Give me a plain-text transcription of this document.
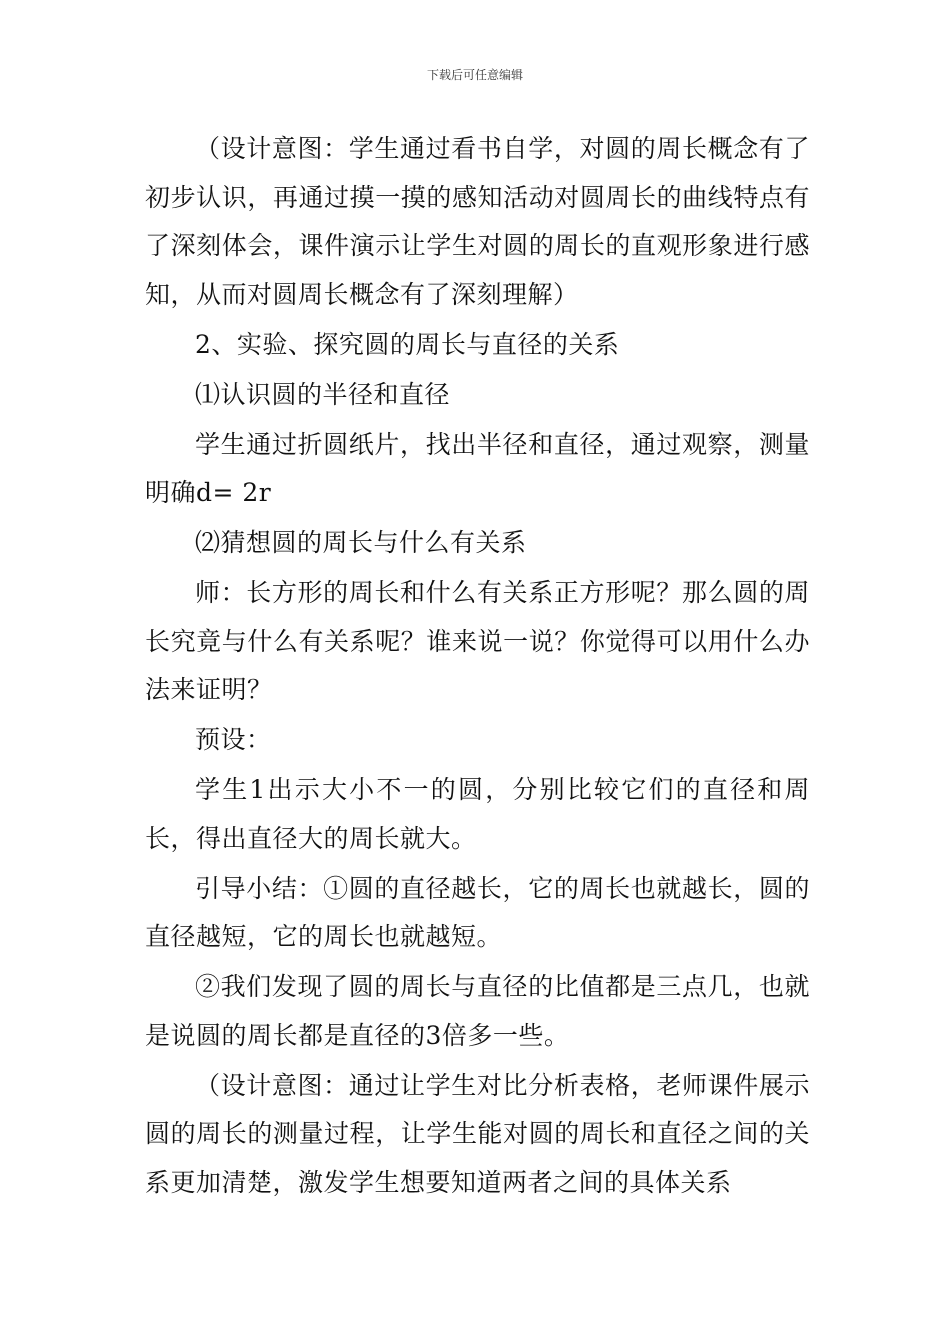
下载后可任意编辑

（设计意图：学生通过看书自学，对圆的周长概念有了初步认识，再通过摸一摸的感知活动对圆周长的曲线特点有了深刻体会，课件演示让学生对圆的周长的直观形象进行感知，从而对圆周长概念有了深刻理解）

2、实验、探究圆的周长与直径的关系

⑴认识圆的半径和直径

学生通过折圆纸片，找出半径和直径，通过观察，测量明确d= 2r

⑵猜想圆的周长与什么有关系

师：长方形的周长和什么有关系正方形呢？那么圆的周长究竟与什么有关系呢？谁来说一说？你觉得可以用什么办法来证明？

预设：

学生1出示大小不一的圆，分别比较它们的直径和周长，得出直径大的周长就大。

引导小结：①圆的直径越长，它的周长也就越长，圆的直径越短，它的周长也就越短。

②我们发现了圆的周长与直径的比值都是三点几，也就是说圆的周长都是直径的3倍多一些。

（设计意图：通过让学生对比分析表格，老师课件展示圆的周长的测量过程，让学生能对圆的周长和直径之间的关系更加清楚，激发学生想要知道两者之间的具体关系
